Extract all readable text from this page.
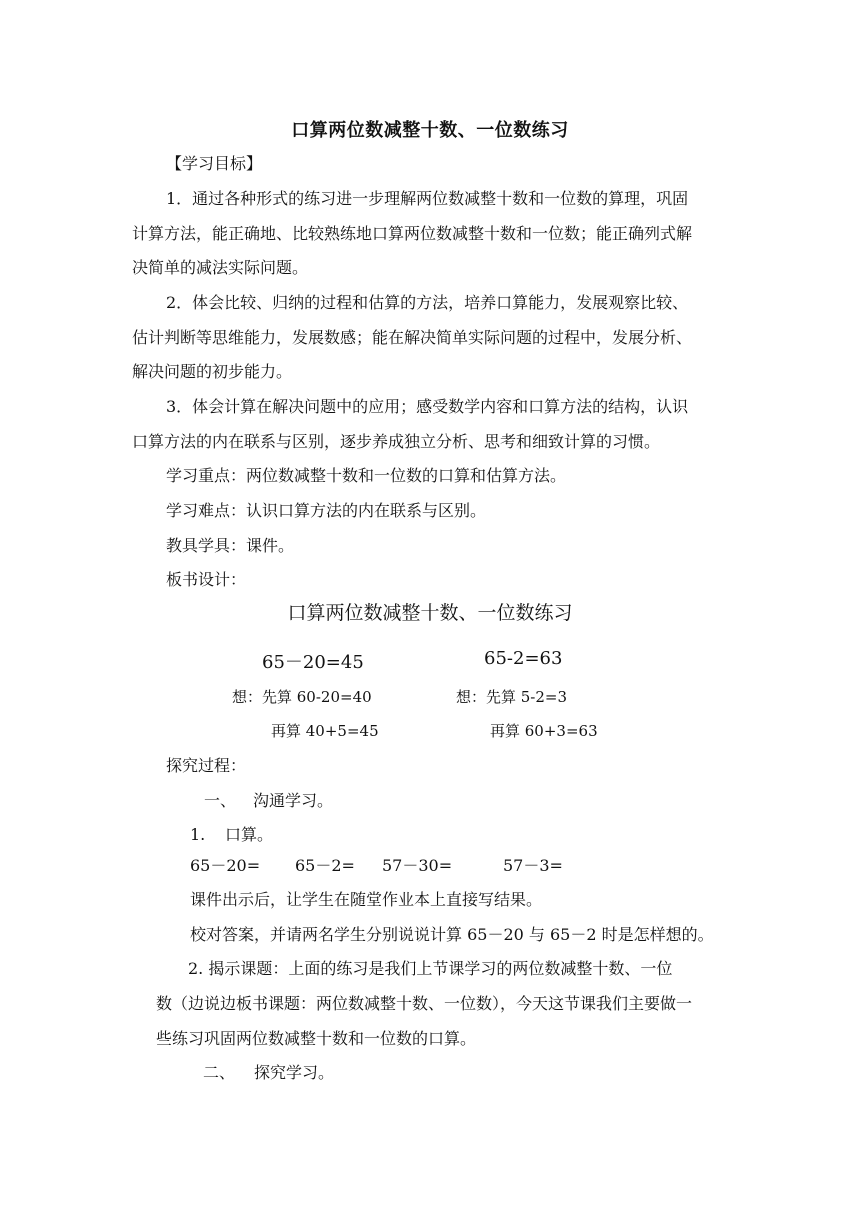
口算两位数减整十数、一位数练习
【学习目标】
1．通过各种形式的练习进一步理解两位数减整十数和一位数的算理，巩固
计算方法，能正确地、比较熟练地口算两位数减整十数和一位数；能正确列式解
决简单的减法实际问题。
2．体会比较、归纳的过程和估算的方法，培养口算能力，发展观察比较、
估计判断等思维能力，发展数感；能在解决简单实际问题的过程中，发展分析、
解决问题的初步能力。
3．体会计算在解决问题中的应用；感受数学内容和口算方法的结构，认识
口算方法的内在联系与区别，逐步养成独立分析、思考和细致计算的习惯。
学习重点：两位数减整十数和一位数的口算和估算方法。
学习难点：认识口算方法的内在联系与区别。
教具学具：课件。
板书设计：
口算两位数减整十数、一位数练习
65－20=45	65-2=63
想：先算 60-20=40	想：先算 5-2=3
再算 40+5=45	再算 60+3=63
探究过程：
一、 沟通学习。
1. 口算。
65－20= 65－2= 57－30=	57－3=
课件出示后，让学生在随堂作业本上直接写结果。
校对答案，并请两名学生分别说说计算 65－20 与 65－2 时是怎样想的。
2. 揭示课题：上面的练习是我们上节课学习的两位数减整十数、一位
数（边说边板书课题：两位数减整十数、一位数），今天这节课我们主要做一
些练习巩固两位数减整十数和一位数的口算。
二、 探究学习。
